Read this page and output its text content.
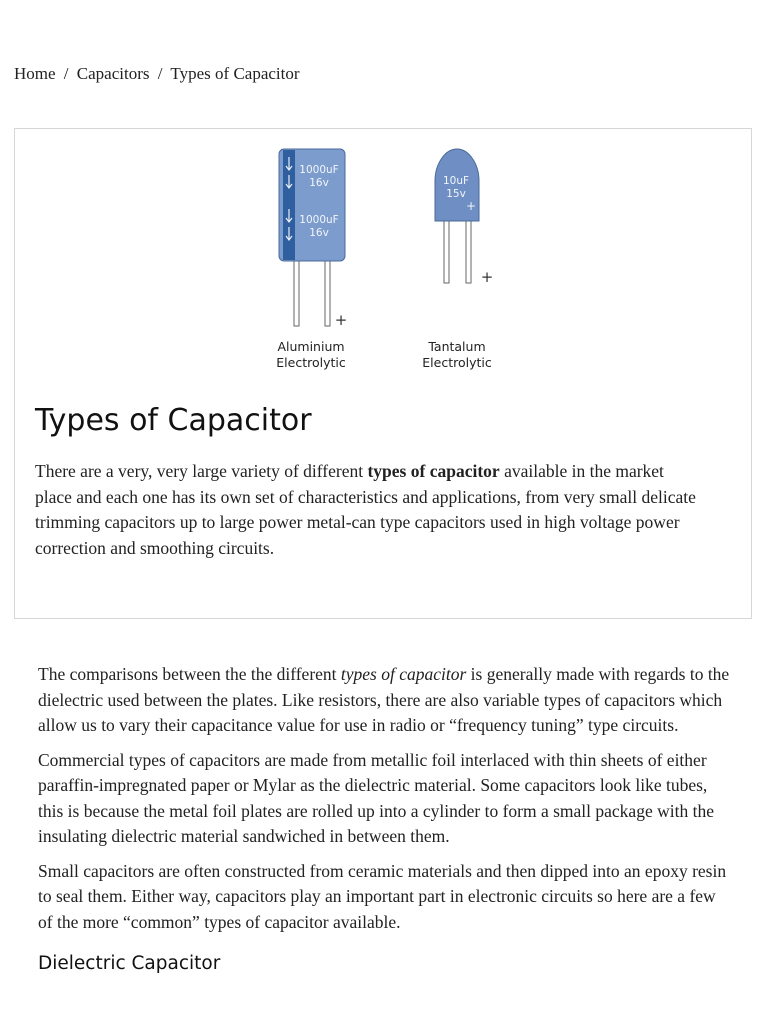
Home / Capacitors / Types of Capacitor
1000uF
16v
1000uF
16v
+
10uF
15v
+
+
Aluminium
Electrolytic
Tantalum
Electrolytic
Types of Capacitor

There are a very, very large variety of different types of capacitor available in the market place and each one has its own set of characteristics and applications, from very small delicate trimming capacitors up to large power metal-can type capacitors used in high voltage power correction and smoothing circuits.

The comparisons between the the different types of capacitor is generally made with regards to the dielectric used between the plates. Like resistors, there are also variable types of capacitors which allow us to vary their capacitance value for use in radio or “frequency tuning” type circuits.

Commercial types of capacitors are made from metallic foil interlaced with thin sheets of either paraffin-impregnated paper or Mylar as the dielectric material. Some capacitors look like tubes, this is because the metal foil plates are rolled up into a cylinder to form a small package with the insulating dielectric material sandwiched in between them.

Small capacitors are often constructed from ceramic materials and then dipped into an epoxy resin to seal them. Either way, capacitors play an important part in electronic circuits so here are a few of the more “common” types of capacitor available.

Dielectric Capacitor
